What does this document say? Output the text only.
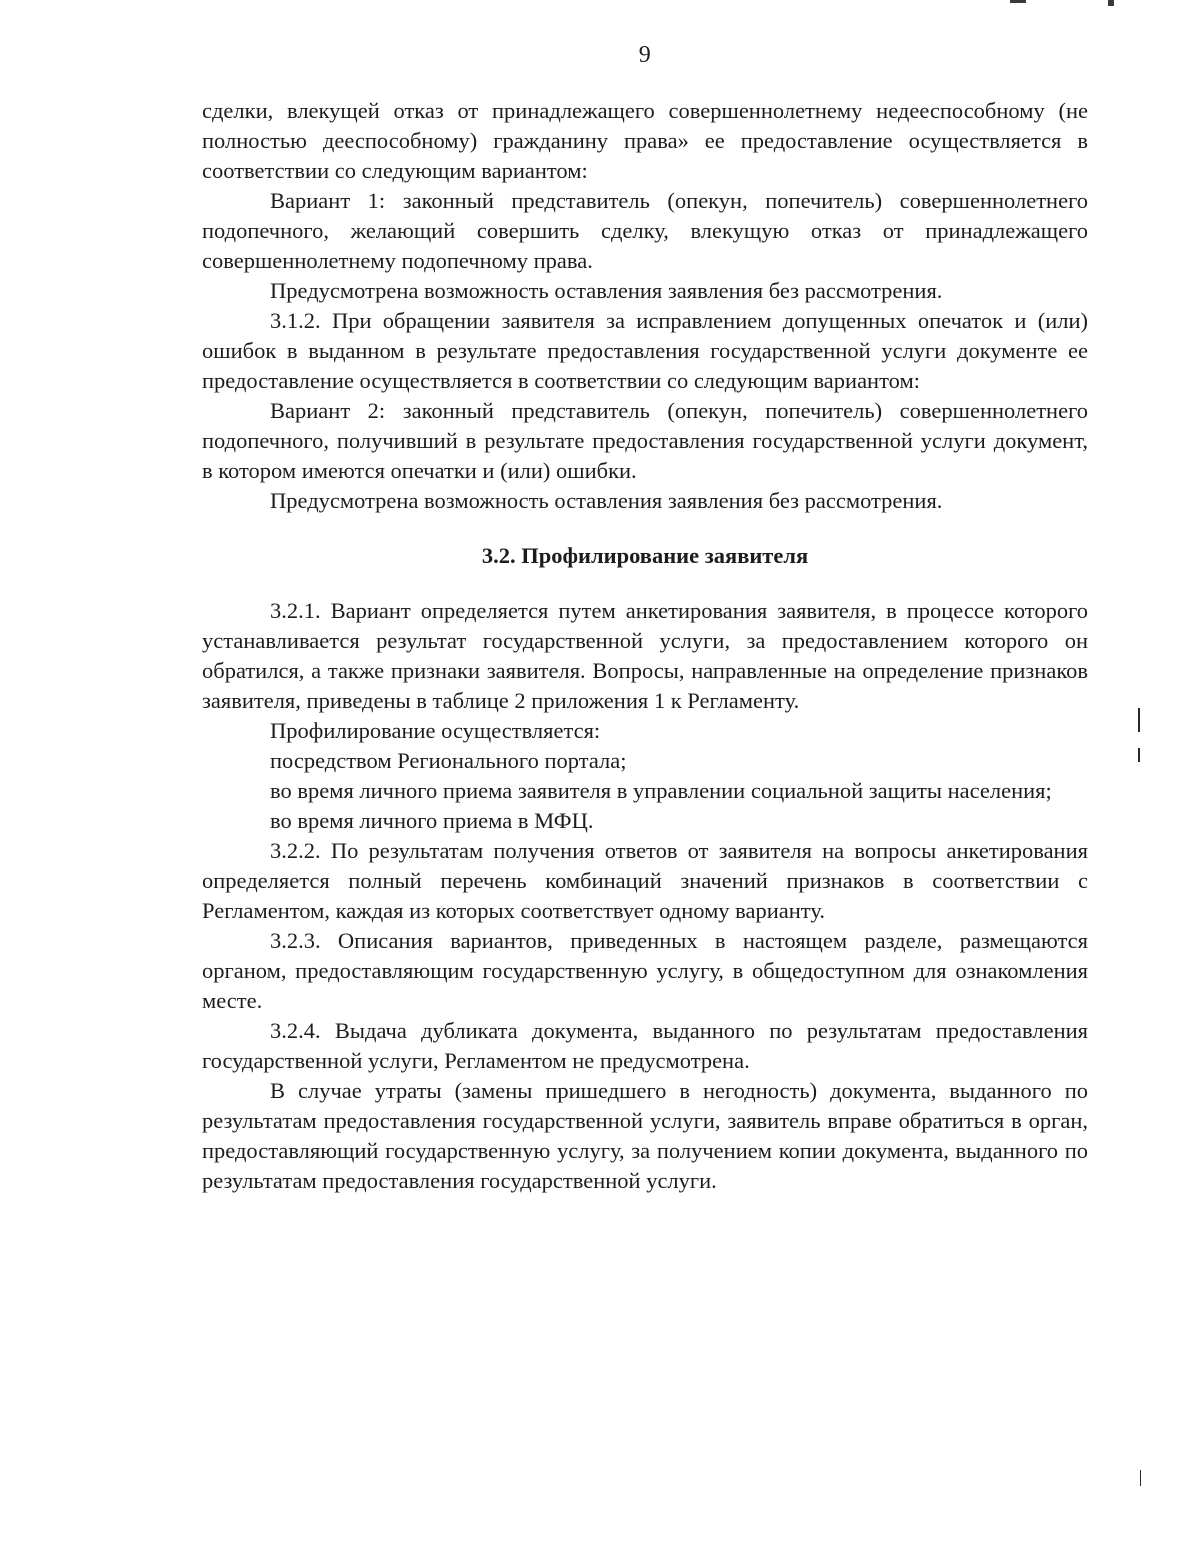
9

сделки, влекущей отказ от принадлежащего совершеннолетнему недееспособному (не полностью дееспособному) гражданину права» ее предоставление осуществляется в соответствии со следующим вариантом:

Вариант 1: законный представитель (опекун, попечитель) совершеннолетнего подопечного, желающий совершить сделку, влекущую отказ от принадлежащего совершеннолетнему подопечному права.

Предусмотрена возможность оставления заявления без рассмотрения.

3.1.2. При обращении заявителя за исправлением допущенных опечаток и (или) ошибок в выданном в результате предоставления государственной услуги документе ее предоставление осуществляется в соответствии со следующим вариантом:

Вариант 2: законный представитель (опекун, попечитель) совершеннолетнего подопечного, получивший в результате предоставления государственной услуги документ, в котором имеются опечатки и (или) ошибки.

Предусмотрена возможность оставления заявления без рассмотрения.

3.2. Профилирование заявителя

3.2.1. Вариант определяется путем анкетирования заявителя, в процессе которого устанавливается результат государственной услуги, за предоставлением которого он обратился, а также признаки заявителя. Вопросы, направленные на определение признаков заявителя, приведены в таблице 2 приложения 1 к Регламенту.

Профилирование осуществляется:

посредством Регионального портала;

во время личного приема заявителя в управлении социальной защиты населения;

во время личного приема в МФЦ.

3.2.2. По результатам получения ответов от заявителя на вопросы анкетирования определяется полный перечень комбинаций значений признаков в соответствии с Регламентом, каждая из которых соответствует одному варианту.

3.2.3. Описания вариантов, приведенных в настоящем разделе, размещаются органом, предоставляющим государственную услугу, в общедоступном для ознакомления месте.

3.2.4. Выдача дубликата документа, выданного по результатам предоставления государственной услуги, Регламентом не предусмотрена.

В случае утраты (замены пришедшего в негодность) документа, выданного по результатам предоставления государственной услуги, заявитель вправе обратиться в орган, предоставляющий государственную услугу, за получением копии документа, выданного по результатам предоставления государственной услуги.
